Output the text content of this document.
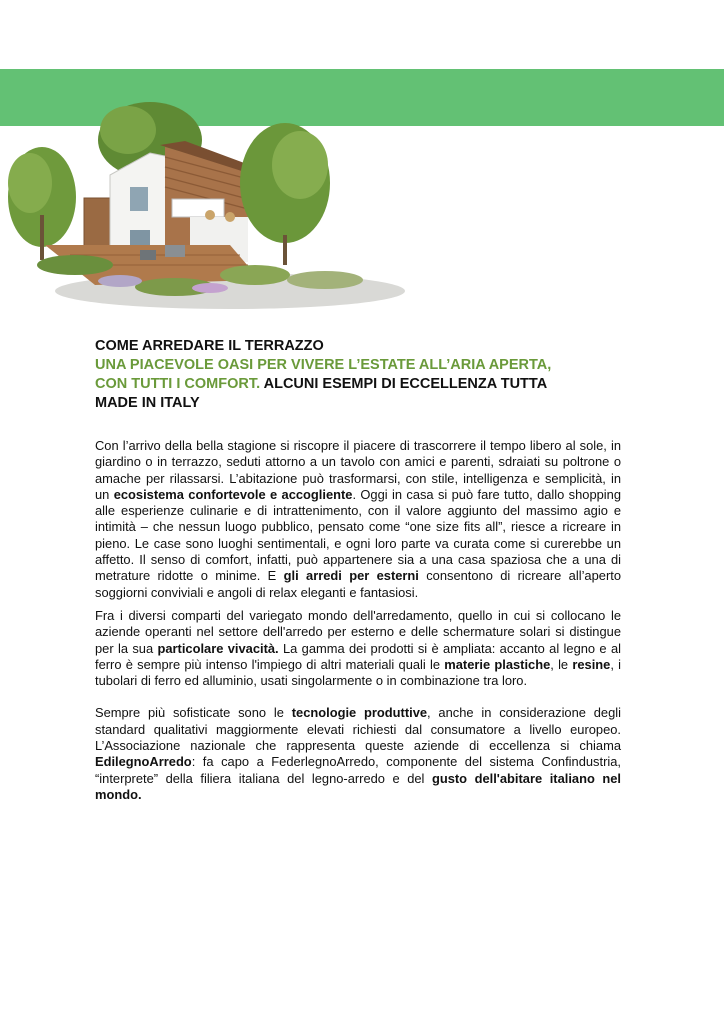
COME ARREDARE IL TERRAZZO
UNA PIACEVOLE OASI PER VIVERE L’ESTATE ALL’ARIA APERTA,
CON TUTTI I COMFORT. ALCUNI ESEMPI DI ECCELLENZA TUTTA
MADE IN ITALY

Con l’arrivo della bella stagione si riscopre il piacere di trascorrere il tempo libero al sole, in giardino o in terrazzo, seduti attorno a un tavolo con amici e parenti, sdraiati su poltrone o amache per rilassarsi. L’abitazione può trasformarsi, con stile, intelligenza e semplicità, in un ecosistema confortevole e accogliente. Oggi in casa si può fare tutto, dallo shopping alle esperienze culinarie e di intrattenimento, con il valore aggiunto del massimo agio e intimità – che nessun luogo pubblico, pensato come “one size fits all”, riesce a ricreare in pieno. Le case sono luoghi sentimentali, e ogni loro parte va curata come si curerebbe un affetto. Il senso di comfort, infatti, può appartenere sia a una casa spaziosa che a una di metrature ridotte o minime. E gli arredi per esterni consentono di ricreare all’aperto soggiorni conviviali e angoli di relax eleganti e fantasiosi.

Fra i diversi comparti del variegato mondo dell'arredamento, quello in cui si collocano le aziende operanti nel settore dell'arredo per esterno e delle schermature solari si distingue per la sua particolare vivacità. La gamma dei prodotti si è ampliata: accanto al legno e al ferro è sempre più intenso l'impiego di altri materiali quali le materie plastiche, le resine, i tubolari di ferro ed alluminio, usati singolarmente o in combinazione tra loro.

Sempre più sofisticate sono le tecnologie produttive, anche in considerazione degli standard qualitativi maggiormente elevati richiesti dal consumatore a livello europeo. L’Associazione nazionale che rappresenta queste aziende di eccellenza si chiama EdilegnoArredo: fa capo a FederlegnoArredo, componente del sistema Confindustria, “interprete” della filiera italiana del legno-arredo e del gusto dell'abitare italiano nel mondo.
